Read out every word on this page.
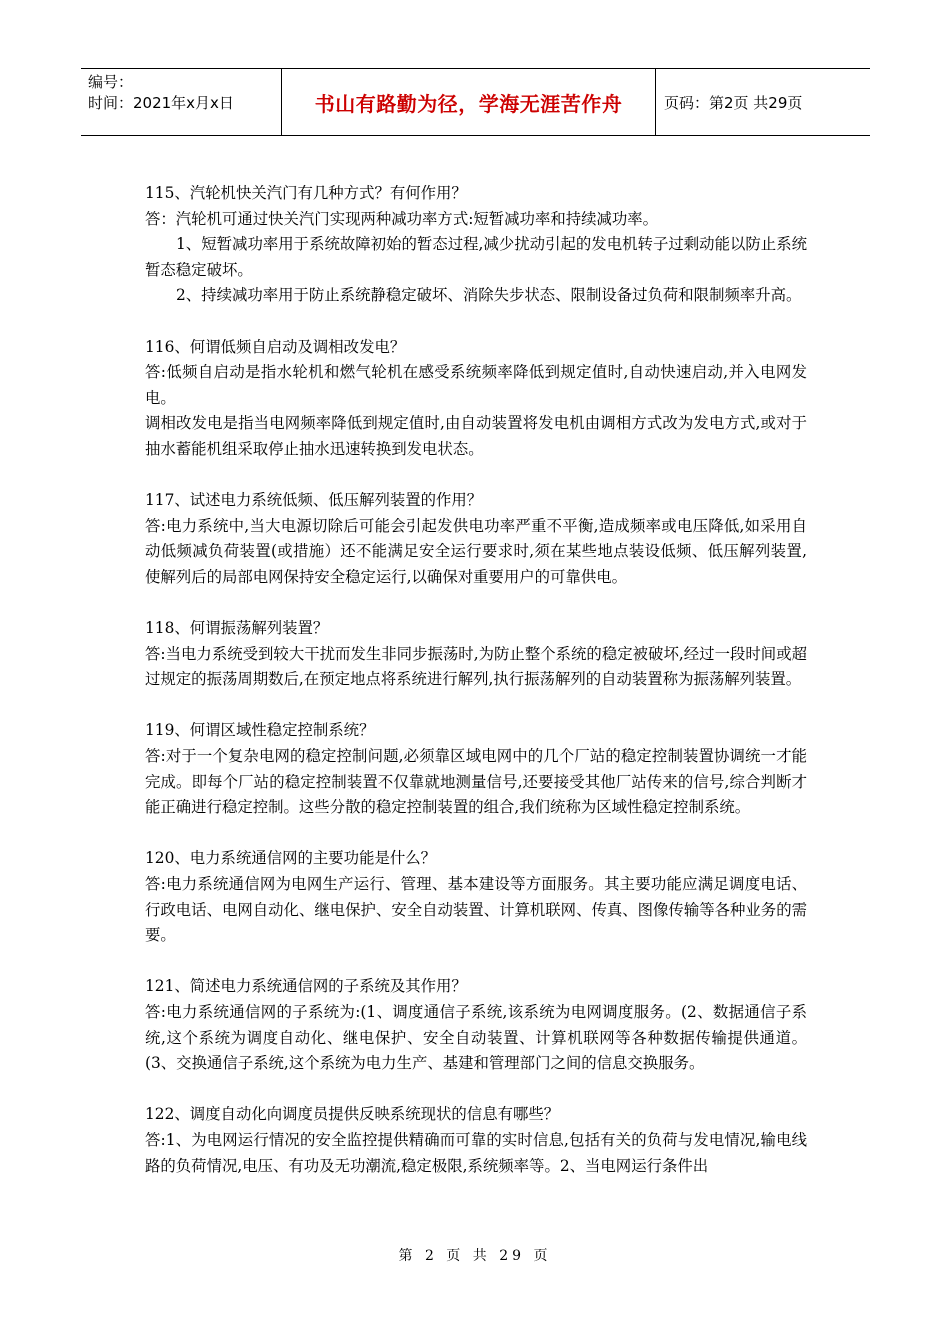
编号：
时间：2021年x月x日	书山有路勤为径，学海无涯苦作舟	页码：第2页 共29页

115、汽轮机快关汽门有几种方式？有何作用？

答：汽轮机可通过快关汽门实现两种减功率方式:短暂减功率和持续减功率。

1、短暂减功率用于系统故障初始的暂态过程,减少扰动引起的发电机转子过剩动能以防止系统暂态稳定破坏。

2、持续减功率用于防止系统静稳定破坏、消除失步状态、限制设备过负荷和限制频率升高。

116、何谓低频自启动及调相改发电？

答:低频自启动是指水轮机和燃气轮机在感受系统频率降低到规定值时,自动快速启动,并入电网发电。

调相改发电是指当电网频率降低到规定值时,由自动装置将发电机由调相方式改为发电方式,或对于抽水蓄能机组采取停止抽水迅速转换到发电状态。

117、试述电力系统低频、低压解列装置的作用？

答:电力系统中,当大电源切除后可能会引起发供电功率严重不平衡,造成频率或电压降低,如采用自动低频减负荷装置(或措施）还不能满足安全运行要求时,须在某些地点装设低频、低压解列装置,使解列后的局部电网保持安全稳定运行,以确保对重要用户的可靠供电。

118、何谓振荡解列装置？

答:当电力系统受到较大干扰而发生非同步振荡时,为防止整个系统的稳定被破坏,经过一段时间或超过规定的振荡周期数后,在预定地点将系统进行解列,执行振荡解列的自动装置称为振荡解列装置。

119、何谓区域性稳定控制系统？

答:对于一个复杂电网的稳定控制问题,必须靠区域电网中的几个厂站的稳定控制装置协调统一才能完成。即每个厂站的稳定控制装置不仅靠就地测量信号,还要接受其他厂站传来的信号,综合判断才能正确进行稳定控制。这些分散的稳定控制装置的组合,我们统称为区域性稳定控制系统。

120、电力系统通信网的主要功能是什么？

答:电力系统通信网为电网生产运行、管理、基本建设等方面服务。其主要功能应满足调度电话、行政电话、电网自动化、继电保护、安全自动装置、计算机联网、传真、图像传输等各种业务的需要。

121、简述电力系统通信网的子系统及其作用？

答:电力系统通信网的子系统为:(1、调度通信子系统,该系统为电网调度服务。(2、数据通信子系统,这个系统为调度自动化、继电保护、安全自动装置、计算机联网等各种数据传输提供通道。(3、交换通信子系统,这个系统为电力生产、基建和管理部门之间的信息交换服务。

122、调度自动化向调度员提供反映系统现状的信息有哪些？

答:1、为电网运行情况的安全监控提供精确而可靠的实时信息,包括有关的负荷与发电情况,输电线路的负荷情况,电压、有功及无功潮流,稳定极限,系统频率等。2、当电网运行条件出

第 2 页 共 29 页
